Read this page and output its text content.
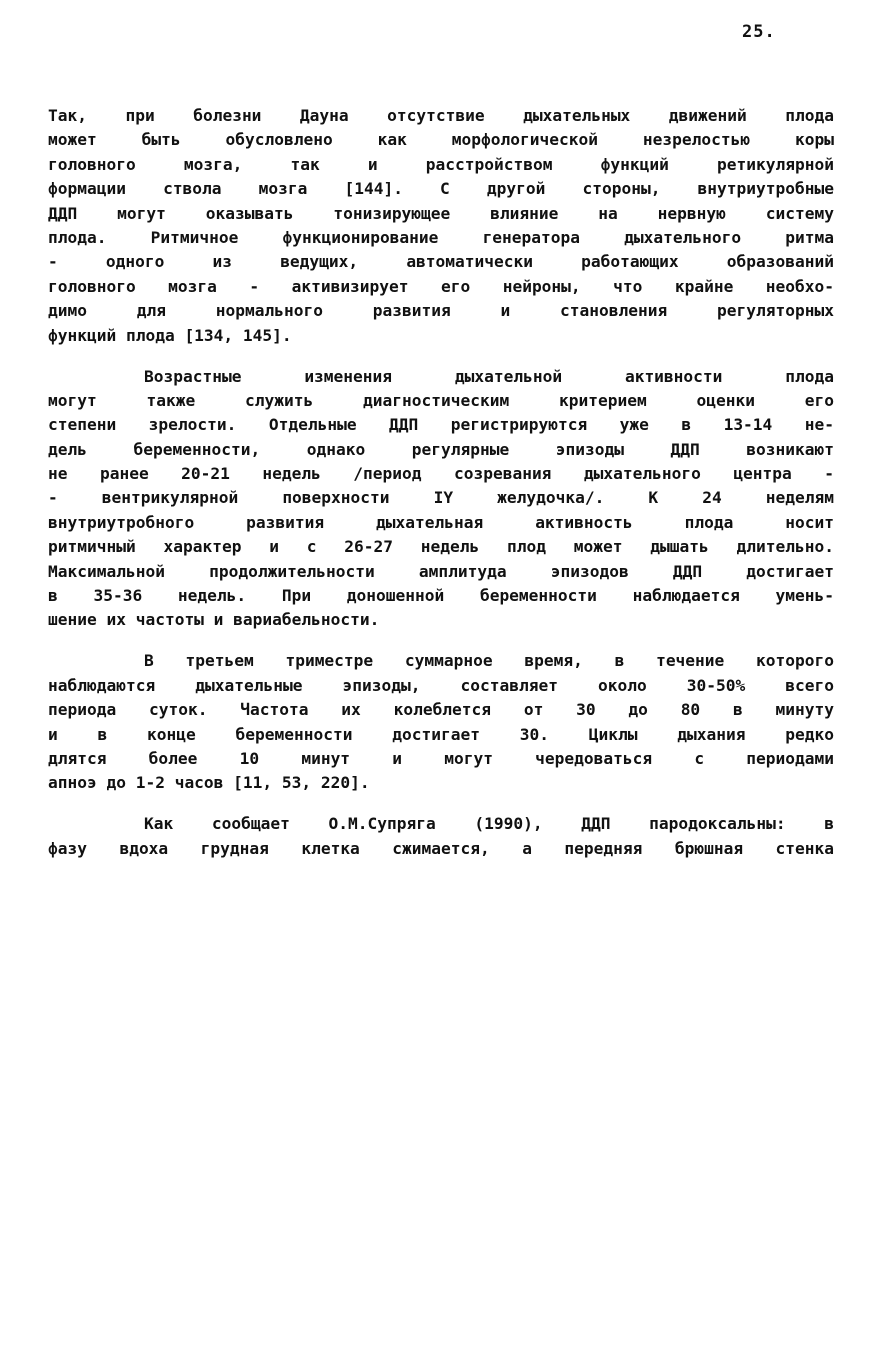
25.
Так, при болезни Дауна отсутствие дыхательных движений плода
может быть обусловлено как морфологической незрелостью коры
головного мозга, так и расстройством функций ретикулярной
формации ствола мозга [144]. С другой стороны, внутриутробные
ДДП могут оказывать тонизирующее влияние на нервную систему
плода. Ритмичное функционирование генератора дыхательного ритма
- одного из ведущих, автоматически работающих образований
головного мозга - активизирует его нейроны, что крайне необхо-
димо для нормального развития и становления регуляторных
функций плода [134, 145].
Возрастные изменения дыхательной активности плода
могут также служить диагностическим критерием оценки его
степени зрелости. Отдельные ДДП регистрируются уже в 13-14 не-
дель беременности, однако регулярные эпизоды ДДП возникают
не ранее 20-21 недель /период созревания дыхательного центра -
- вентрикулярной поверхности IY желудочка/. К 24 неделям
внутриутробного развития дыхательная активность плода носит
ритмичный характер и с 26-27 недель плод может дышать длительно.
Максимальной продолжительности амплитуда эпизодов ДДП достигает
в 35-36 недель. При доношенной беременности наблюдается умень-
шение их частоты и вариабельности.
В третьем триместре суммарное время, в течение которого
наблюдаются дыхательные эпизоды, составляет около 30-50% всего
периода суток. Частота их колеблется от 30 до 80 в минуту
и в конце беременности достигает 30. Циклы дыхания редко
длятся более 10 минут и могут чередоваться с периодами
апноэ до 1-2 часов [11, 53, 220].
Как сообщает О.М.Супряга (1990), ДДП пародоксальны: в
фазу вдоха грудная клетка сжимается, а передняя брюшная стенка
